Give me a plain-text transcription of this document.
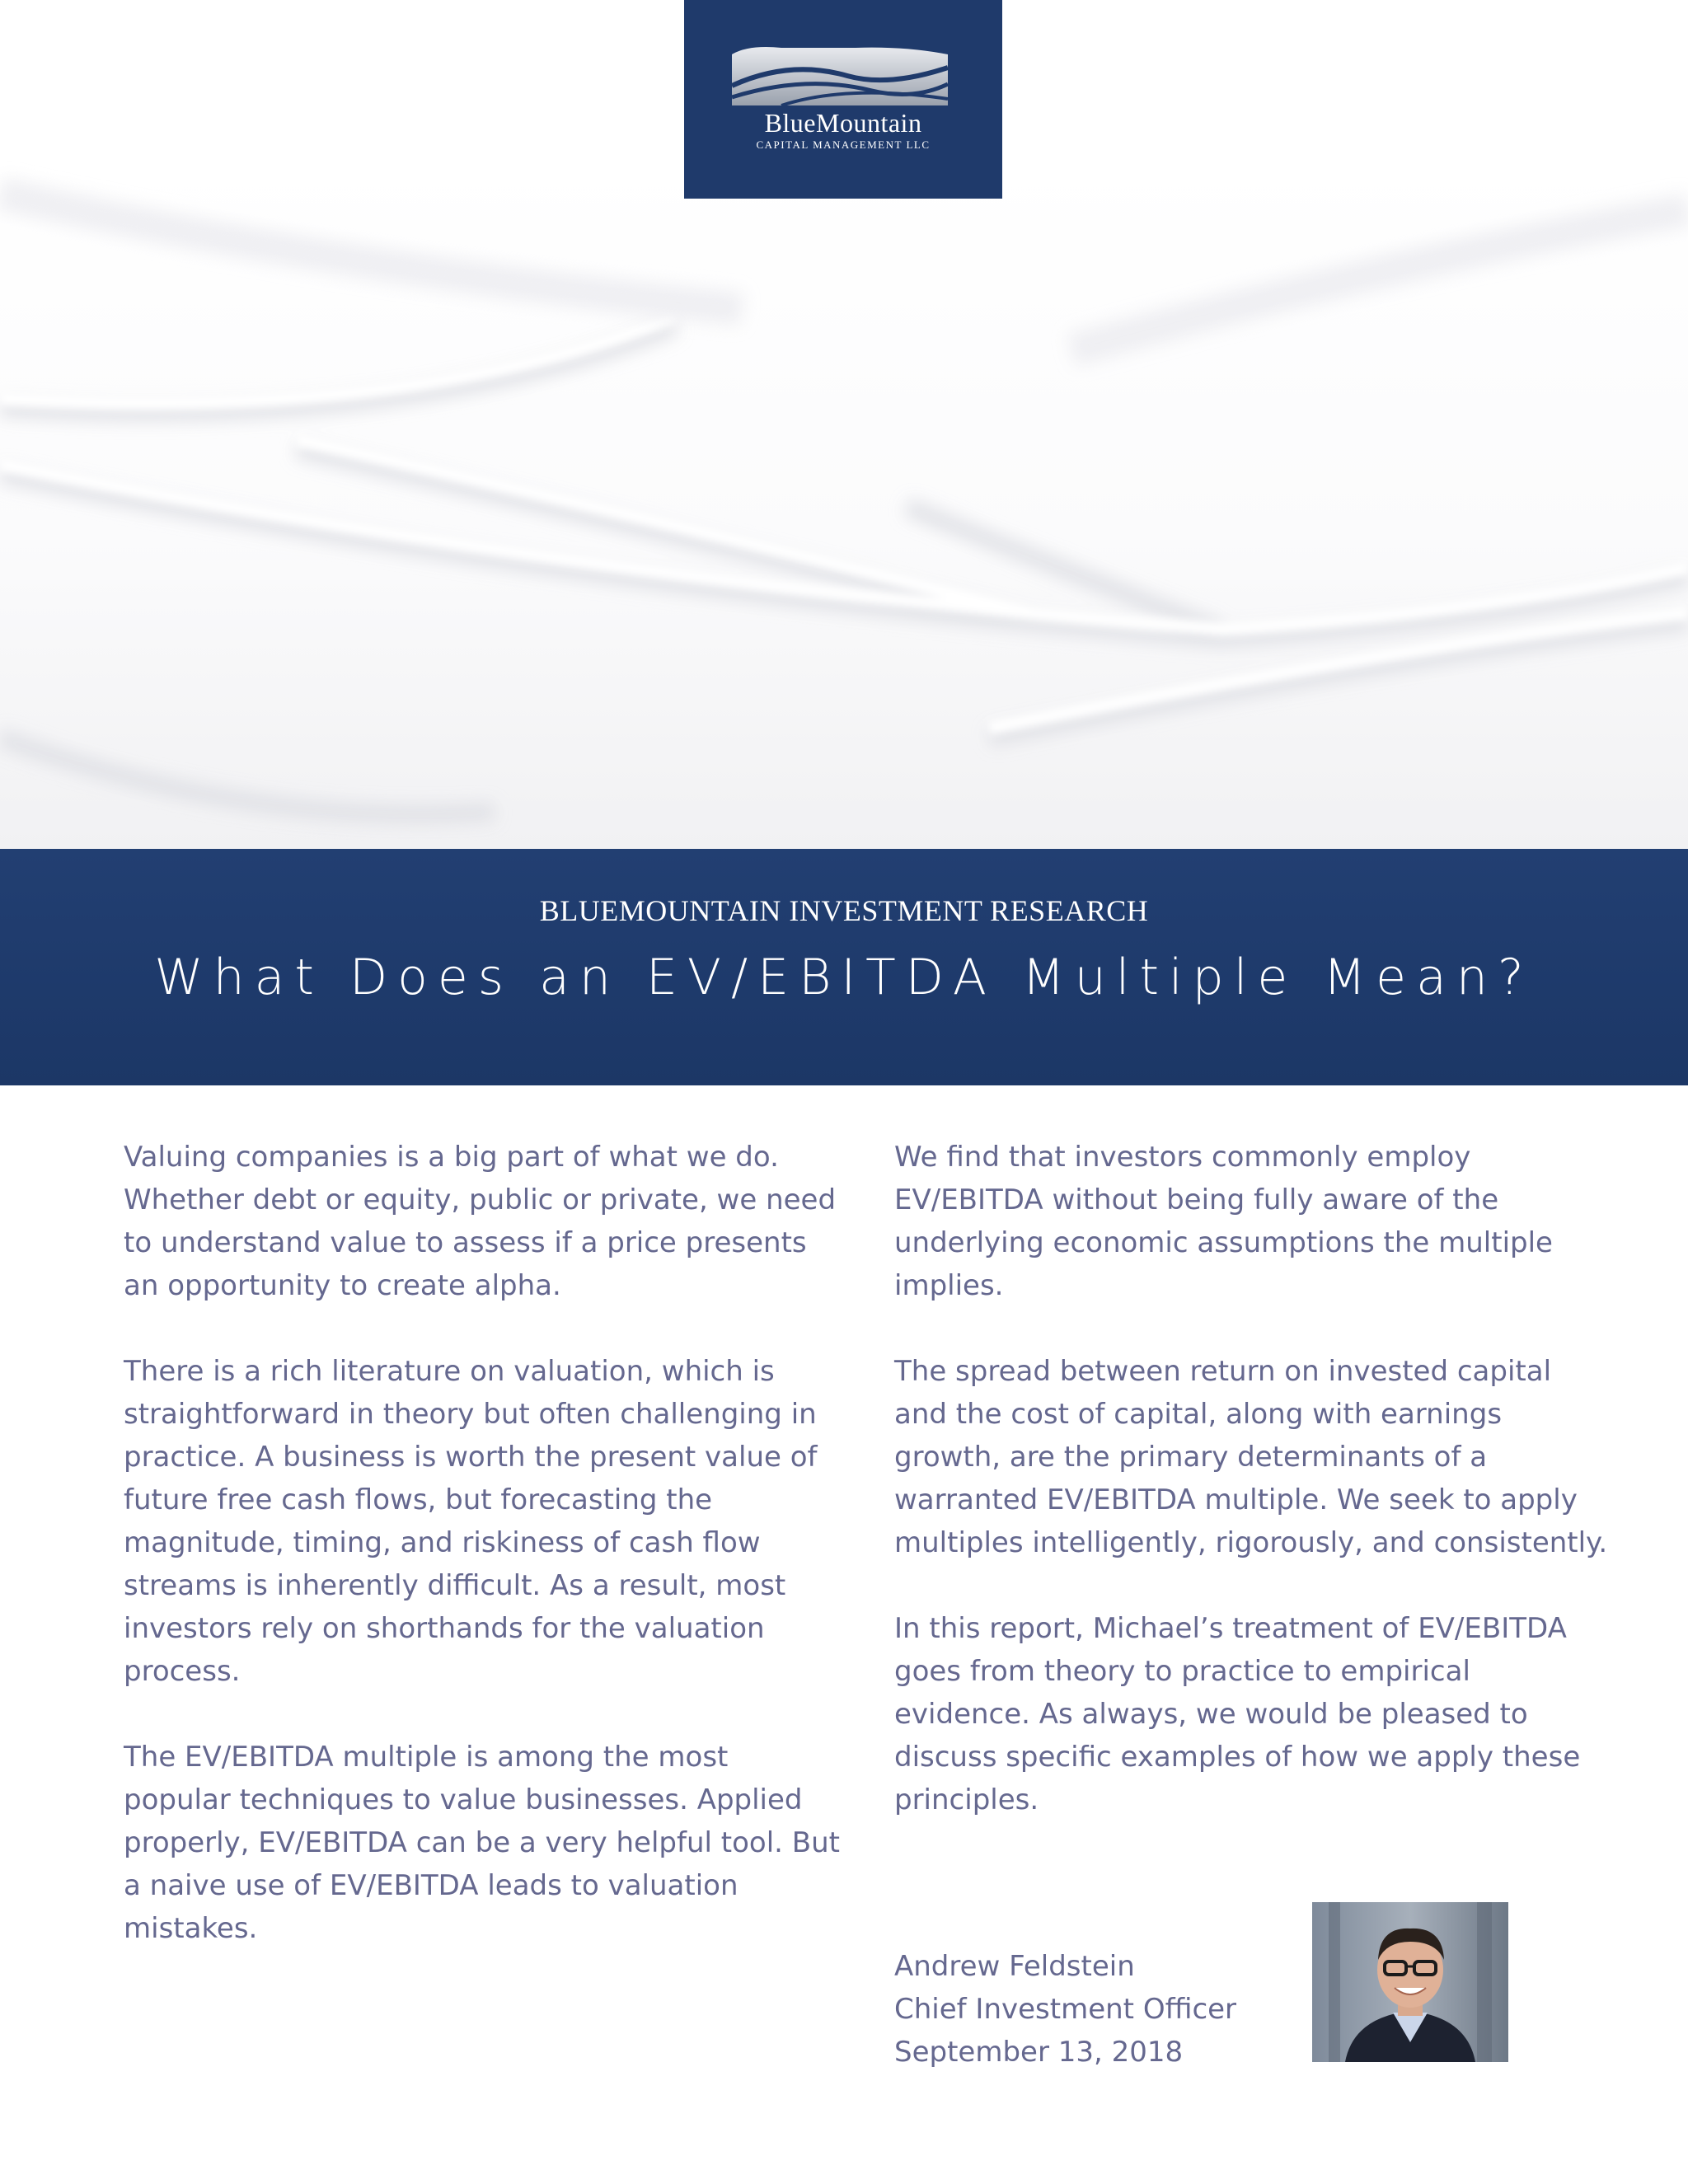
BlueMountain
CAPITAL MANAGEMENT LLC
BLUEMOUNTAIN INVESTMENT RESEARCH
What Does an EV/EBITDA Multiple Mean?

Valuing companies is a big part of what we do. Whether debt or equity, public or private, we need to understand value to assess if a price presents an opportunity to create alpha.

There is a rich literature on valuation, which is straightforward in theory but often challenging in practice. A business is worth the present value of future free cash flows, but forecasting the magnitude, timing, and riskiness of cash flow streams is inherently difficult. As a result, most investors rely on shorthands for the valuation process.

The EV/EBITDA multiple is among the most popular techniques to value businesses. Applied properly, EV/EBITDA can be a very helpful tool. But a naive use of EV/EBITDA leads to valuation mistakes.

We find that investors commonly employ EV/EBITDA without being fully aware of the underlying economic assumptions the multiple implies.

The spread between return on invested capital and the cost of capital, along with earnings growth, are the primary determinants of a warranted EV/EBITDA multiple. We seek to apply multiples intelligently, rigorously, and consistently.

In this report, Michael’s treatment of EV/EBITDA goes from theory to practice to empirical evidence. As always, we would be pleased to discuss specific examples of how we apply these principles.

Andrew Feldstein
Chief Investment Officer
September 13, 2018
